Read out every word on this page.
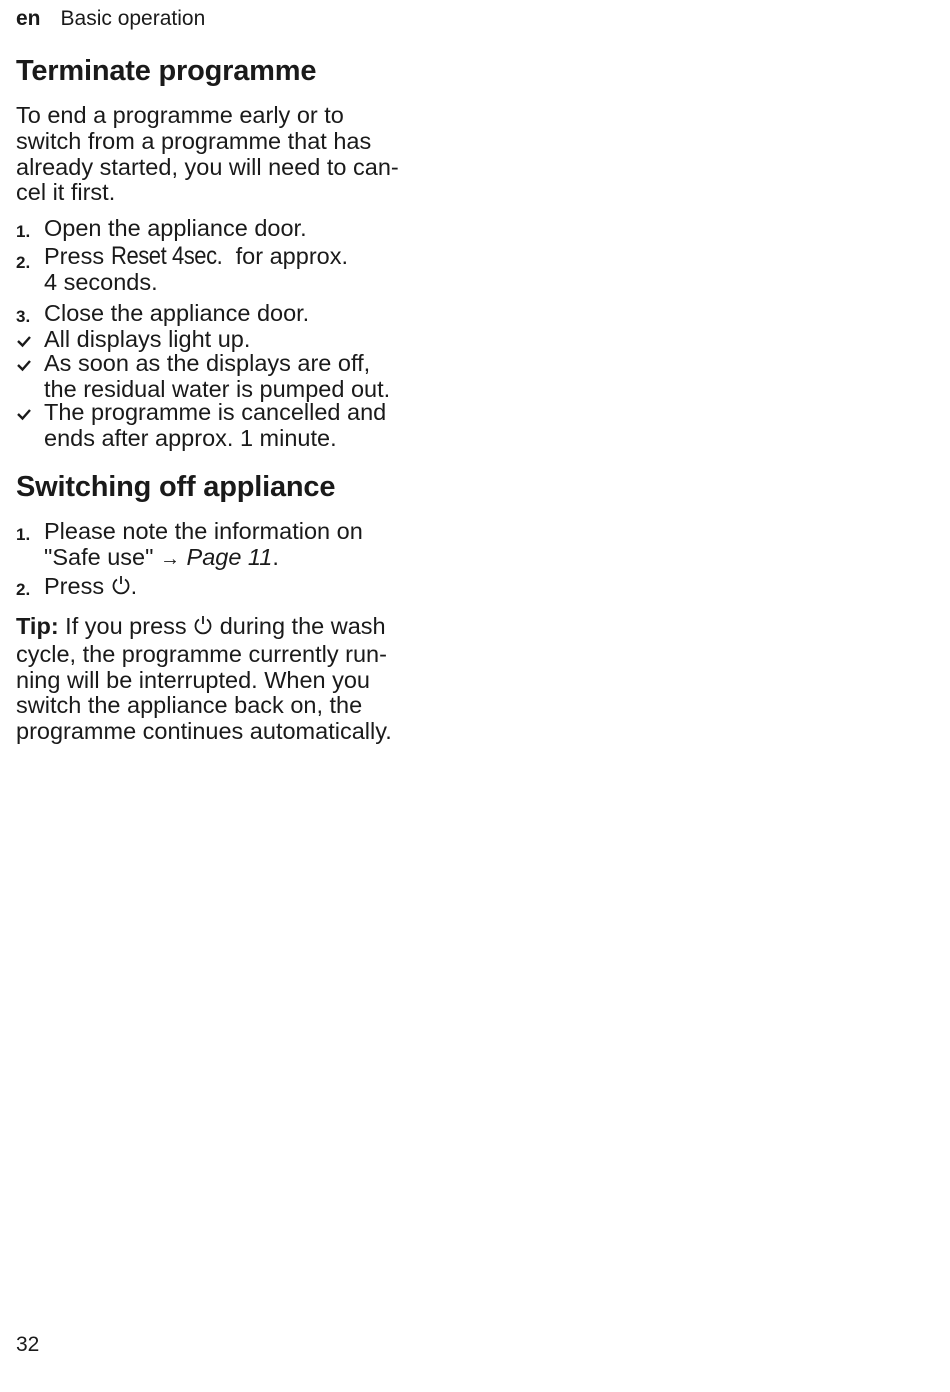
en Basic operation
Terminate programme
To end a programme early or to
switch from a programme that has
already started, you will need to can-
cel it first.
1. Open the appliance door.
2. Press Reset 4sec. for approx.
4 seconds.
3. Close the appliance door.
All displays light up.
As soon as the displays are off,
the residual water is pumped out.
The programme is cancelled and
ends after approx. 1 minute.
Switching off appliance
1. Please note the information on
"Safe use" → Page 11.
2. Press .
Tip: If you press  during the wash
cycle, the programme currently run-
ning will be interrupted. When you
switch the appliance back on, the
programme continues automatically.
32
